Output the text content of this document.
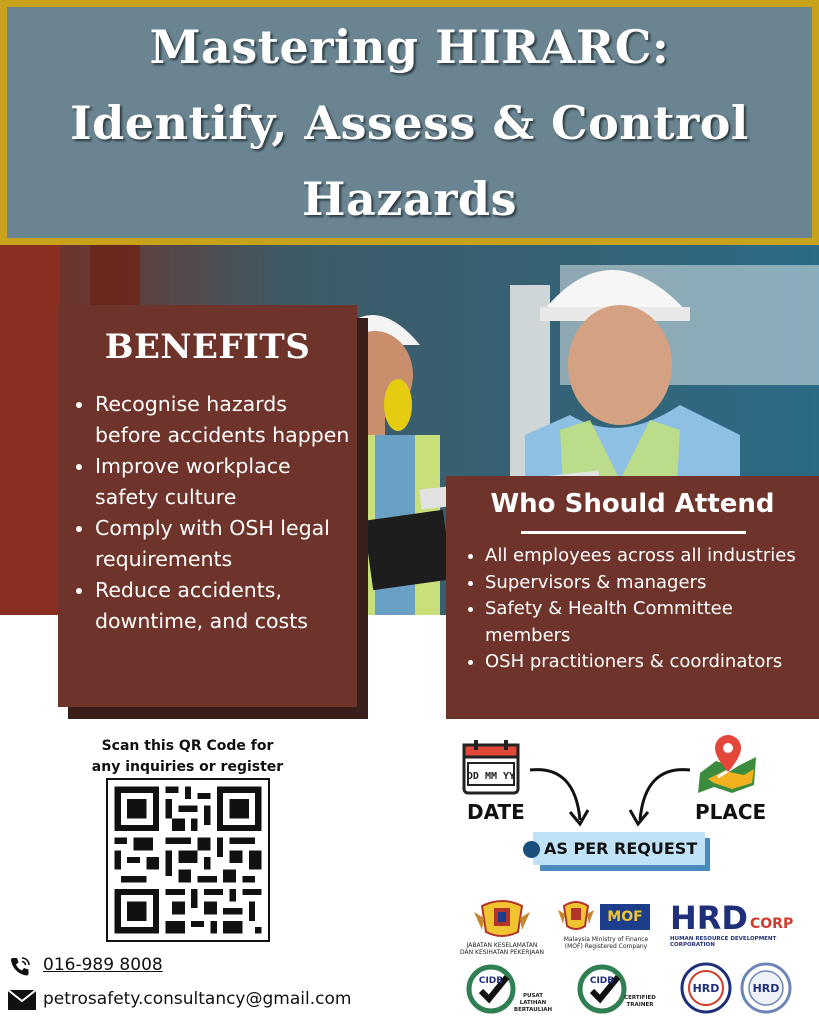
Mastering HIRARC:
Identify, Assess & Control
Hazards
BENEFITS
• Recognise hazards before accidents happen
• Improve workplace safety culture
• Comply with OSH legal requirements
• Reduce accidents, downtime, and costs
Who Should Attend
• All employees across all industries
• Supervisors & managers
• Safety & Health Committee members
• OSH practitioners & coordinators
Scan this QR Code for any inquiries or register
016-989 8008
petrosafety.consultancy@gmail.com
DD MM YY
DATE	PLACE
AS PER REQUEST
JABATAN KESELAMATAN DAN KESIHATAN PEKERJAAN
MOF
Malaysia Ministry of Finance (MOF) Registered Company
HRD CORP
HUMAN RESOURCE DEVELOPMENT CORPORATION
CIDB
PUSAT LATIHAN BERTAULIAH
CIDB
CERTIFIED TRAINER
HRD	HRD
